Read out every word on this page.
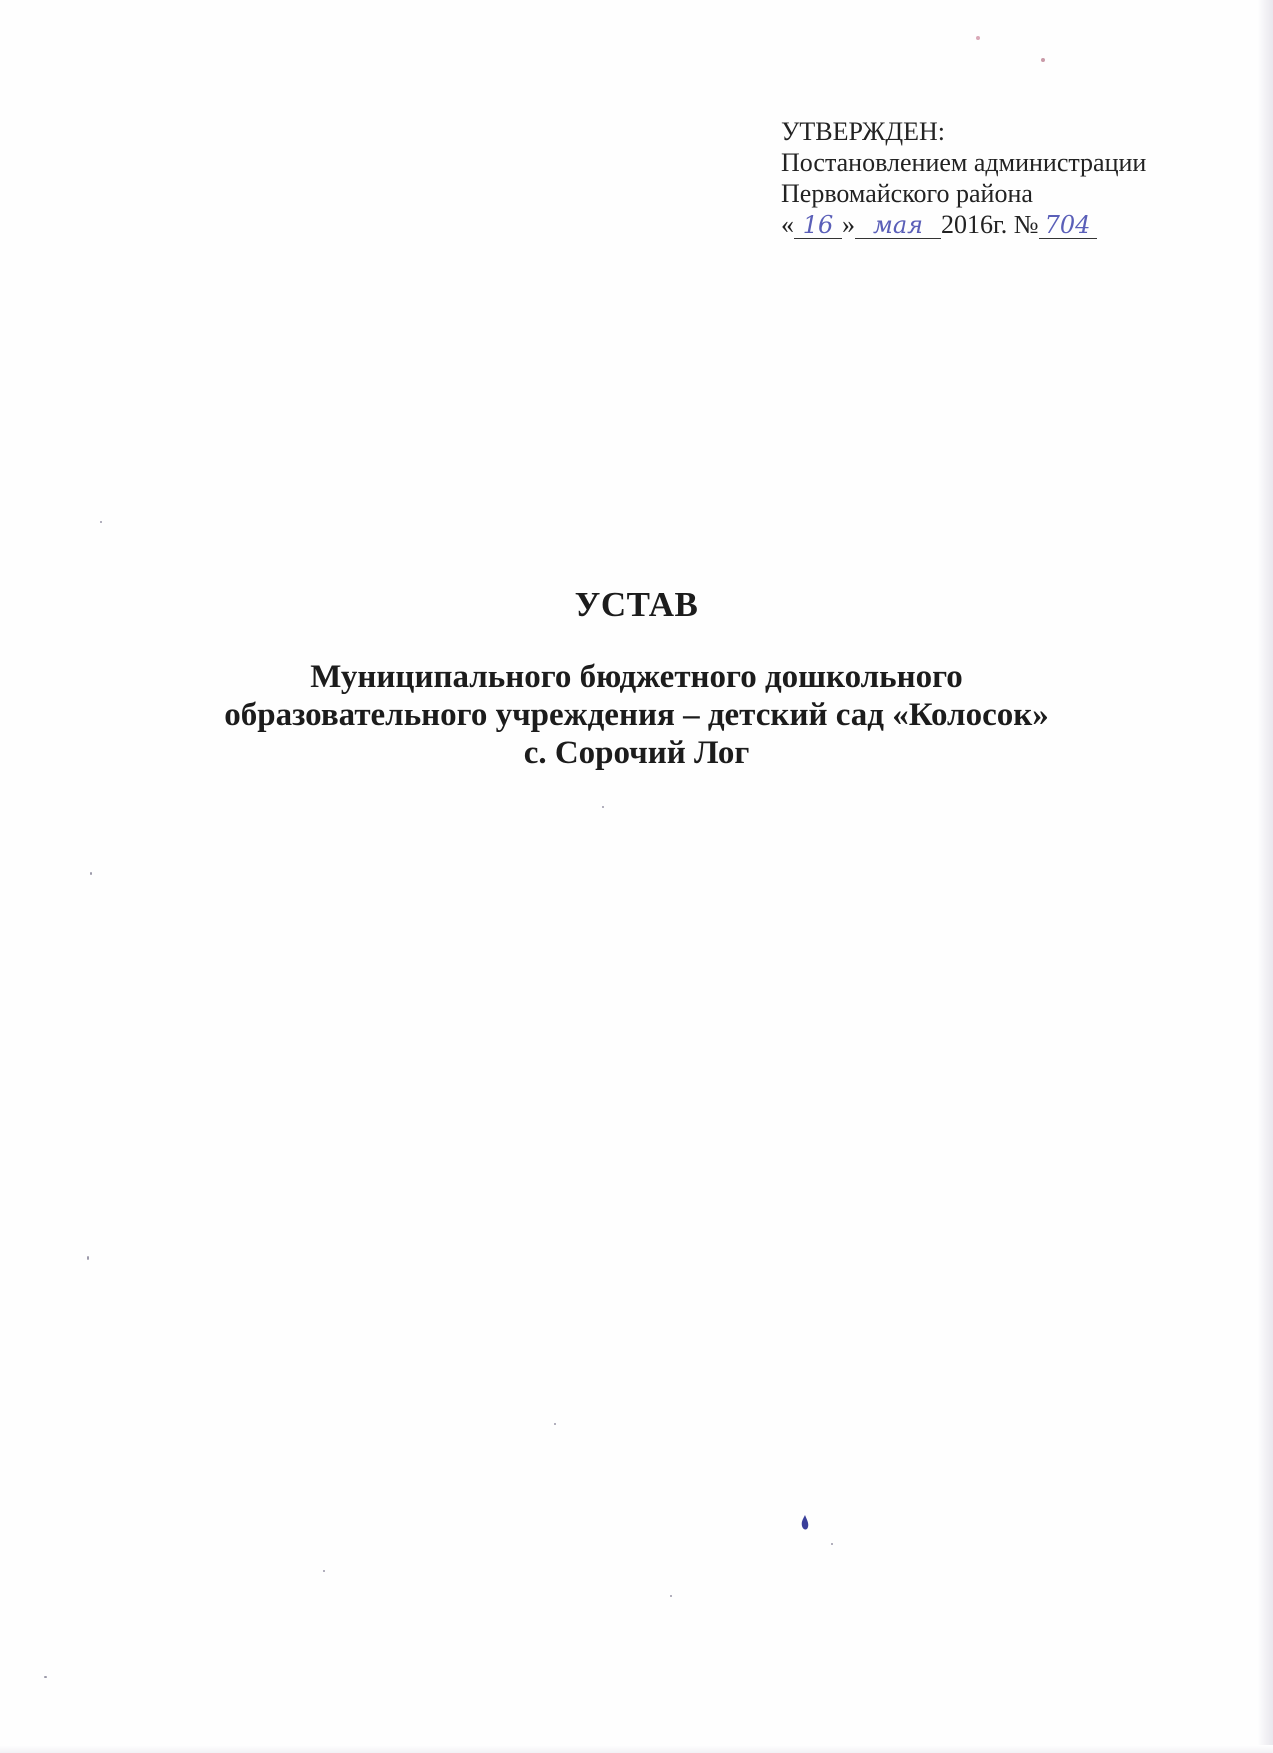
УТВЕРЖДЕН:
Постановлением администрации
Первомайского района
« 16 » мая 2016г. № 704
УСТАВ
Муниципального бюджетного дошкольного
образовательного учреждения – детский сад «Колосок»
с. Сорочий Лог
